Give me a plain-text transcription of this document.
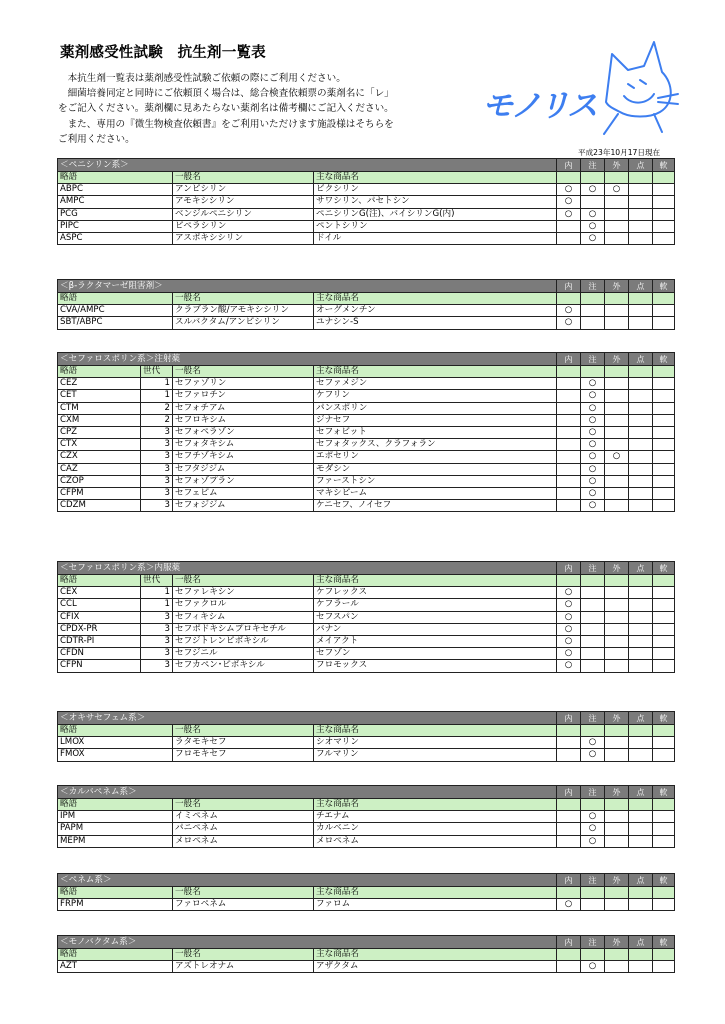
薬剤感受性試験　抗生剤一覧表
　本抗生剤一覧表は薬剤感受性試験ご依頼の際にご利用ください。
　細菌培養同定と同時にご依頼頂く場合は、総合検査依頼票の薬剤名に「レ」
をご記入ください。薬剤欄に見あたらない薬剤名は備考欄にご記入ください。
　また、専用の『微生物検査依頼書』をご利用いただけます施設様はそちらを
ご利用ください。
モノリス
平成23年10月17日現在
＜ペニシリン系＞			内	注	外	点	軟
略語	一般名	主な商品名					
ABPC	アンピシリン	ビクシリン	○	○	○		
AMPC	アモキシシリン	サワシリン、パセトシン	○				
PCG	ベンジルペニシリン	ペニシリンG(注)、バイシリンG(内)	○	○			
PIPC	ピペラシリン	ペントシリン		○			
ASPC	アスポキシシリン	ドイル		○			
＜β-ラクタマーゼ阻害剤＞			内	注	外	点	軟
略語	一般名	主な商品名					
CVA/AMPC	クラブラン酸/アモキシシリン	オーグメンチン	○				
SBT/ABPC	スルバクタム/アンピシリン	ユナシン-S	○				
＜セファロスポリン系＞注射薬				内	注	外	点	軟
略語	世代	一般名	主な商品名					
CEZ	1	セファゾリン	セファメジン		○			
CET	1	セファロチン	ケフリン		○			
CTM	2	セフォチアム	パンスポリン		○			
CXM	2	セフロキシム	ジナセフ		○			
CPZ	3	セフォペラゾン	セフォビット		○			
CTX	3	セフォタキシム	セフォタックス、クラフォラン		○			
CZX	3	セフチゾキシム	エポセリン		○	○		
CAZ	3	セフタジジム	モダシン		○			
CZOP	3	セフォゾプラン	ファーストシン		○			
CFPM	3	セフェピム	マキシピーム		○			
CDZM	3	セフォジジム	ケニセフ、ノイセフ		○			
＜セファロスポリン系＞内服薬				内	注	外	点	軟
略語	世代	一般名	主な商品名					
CEX	1	セファレキシン	ケフレックス	○				
CCL	1	セファクロル	ケフラール	○				
CFIX	3	セフィキシム	セフスパン	○				
CPDX-PR	3	セフポドキシムプロキセチル	バナン	○				
CDTR-PI	3	セフジトレンピボキシル	メイアクト	○				
CFDN	3	セフジニル	セフゾン	○				
CFPN	3	セフカペン･ピボキシル	フロモックス	○				
＜オキサセフェム系＞			内	注	外	点	軟
略語	一般名	主な商品名					
LMOX	ラタモキセフ	シオマリン		○			
FMOX	フロモキセフ	フルマリン		○			
＜カルバペネム系＞			内	注	外	点	軟
略語	一般名	主な商品名					
IPM	イミペネム	チエナム		○			
PAPM	パニペネム	カルベニン		○			
MEPM	メロペネム	メロペネム		○			
＜ペネム系＞			内	注	外	点	軟
略語	一般名	主な商品名					
FRPM	ファロペネム	ファロム	○				
＜モノバクタム系＞			内	注	外	点	軟
略語	一般名	主な商品名					
AZT	アズトレオナム	アザクタム		○			
